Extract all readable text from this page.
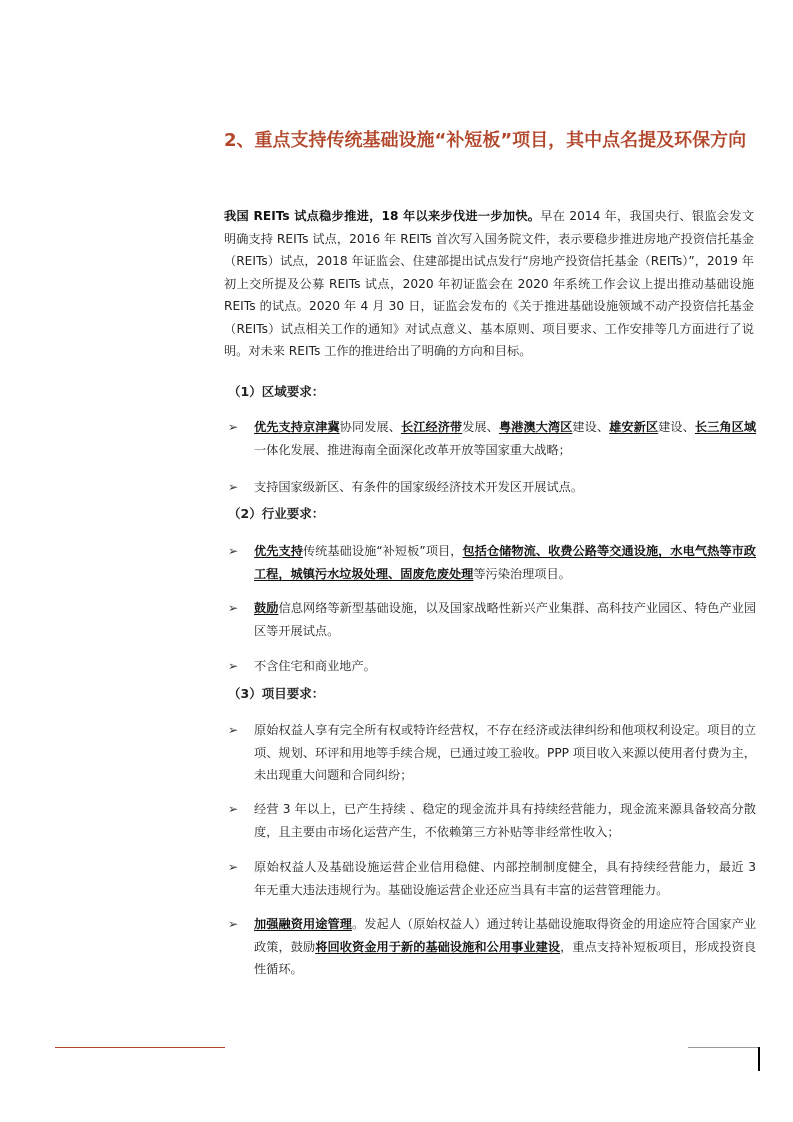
2、重点支持传统基础设施“补短板”项目，其中点名提及环保方向

我国 REITs 试点稳步推进，18 年以来步伐进一步加快。早在 2014 年，我国央行、银监会发文明确支持 REITs 试点，2016 年 REITs 首次写入国务院文件，表示要稳步推进房地产投资信托基金（REITs）试点，2018 年证监会、住建部提出试点发行“房地产投资信托基金（REITs）”，2019 年初上交所提及公募 REITs 试点，2020 年初证监会在 2020 年系统工作会议上提出推动基础设施 REITs 的试点。2020 年 4 月 30 日，证监会发布的《关于推进基础设施领域不动产投资信托基金（REITs）试点相关工作的通知》对试点意义、基本原则、项目要求、工作安排等几方面进行了说明。对未来 REITs 工作的推进给出了明确的方向和目标。

（1）区域要求：
➢	优先支持京津冀协同发展、长江经济带发展、粤港澳大湾区建设、雄安新区建设、长三角区域一体化发展、推进海南全面深化改革开放等国家重大战略；
➢	支持国家级新区、有条件的国家级经济技术开发区开展试点。
（2）行业要求：
➢	优先支持传统基础设施“补短板”项目，包括仓储物流、收费公路等交通设施，水电气热等市政工程，城镇污水垃圾处理、固废危废处理等污染治理项目。
➢	鼓励信息网络等新型基础设施，以及国家战略性新兴产业集群、高科技产业园区、特色产业园区等开展试点。
➢	不含住宅和商业地产。
（3）项目要求：
➢	原始权益人享有完全所有权或特许经营权，不存在经济或法律纠纷和他项权利设定。项目的立项、规划、环评和用地等手续合规，已通过竣工验收。PPP 项目收入来源以使用者付费为主，未出现重大问题和合同纠纷；
➢	经营 3 年以上，已产生持续 、稳定的现金流并具有持续经营能力，现金流来源具备较高分散度，且主要由市场化运营产生，不依赖第三方补贴等非经常性收入；
➢	原始权益人及基础设施运营企业信用稳健、内部控制制度健全，具有持续经营能力，最近 3 年无重大违法违规行为。基础设施运营企业还应当具有丰富的运营管理能力。
➢	加强融资用途管理。发起人（原始权益人）通过转让基础设施取得资金的用途应符合国家产业政策，鼓励将回收资金用于新的基础设施和公用事业建设，重点支持补短板项目，形成投资良性循环。
